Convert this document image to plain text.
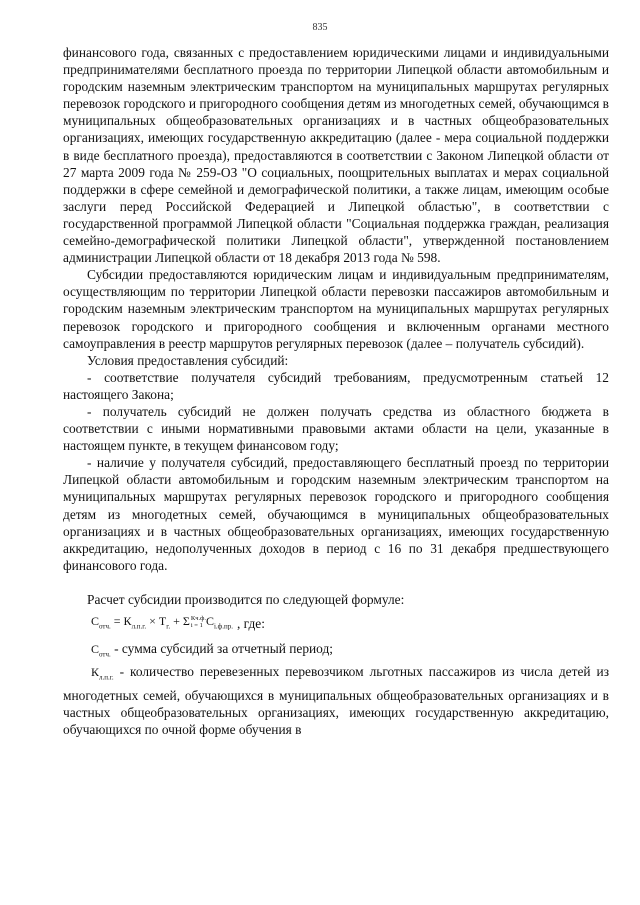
835

финансового года, связанных с предоставлением юридическими лицами и индивидуальными предпринимателями бесплатного проезда по территории Липецкой области автомобильным и городским наземным электрическим транспортом на муниципальных маршрутах регулярных перевозок городского и пригородного сообщения детям из многодетных семей, обучающимся в муниципальных общеобразовательных организациях и в частных общеобразовательных организациях, имеющих государственную аккредитацию (далее - мера социальной поддержки в виде бесплатного проезда), предоставляются в соответствии с Законом Липецкой области от 27 марта 2009 года № 259-ОЗ "О социальных, поощрительных выплатах и мерах социальной поддержки в сфере семейной и демографической политики, а также лицам, имеющим особые заслуги перед Российской Федерацией и Липецкой областью", в соответствии с государственной программой Липецкой области "Социальная поддержка граждан, реализация семейно-демографической политики Липецкой области", утвержденной постановлением администрации Липецкой области от 18 декабря 2013 года № 598.

Субсидии предоставляются юридическим лицам и индивидуальным предпринимателям, осуществляющим по территории Липецкой области перевозки пассажиров автомобильным и городским наземным электрическим транспортом на муниципальных маршрутах регулярных перевозок городского и пригородного сообщения и включенным органами местного самоуправления в реестр маршрутов регулярных перевозок (далее – получатель субсидий).

Условия предоставления субсидий:

- соответствие получателя субсидий требованиям, предусмотренным статьей 12 настоящего Закона;

- получатель субсидий не должен получать средства из областного бюджета в соответствии с иными нормативными правовыми актами области на цели, указанные в настоящем пункте, в текущем финансовом году;

- наличие у получателя субсидий, предоставляющего бесплатный проезд по территории Липецкой области автомобильным и городским наземным электрическим транспортом на муниципальных маршрутах регулярных перевозок городского и пригородного сообщения детям из многодетных семей, обучающимся в муниципальных общеобразовательных организациях и в частных общеобразовательных организациях, имеющих государственную аккредитацию, недополученных доходов в период с 16 по 31 декабря предшествующего финансового года.

Расчет субсидии производится по следующей формуле:

$С_{отч.} = К_{л.п.г.} \times Т_{г.} + \Sigma Кч.ф$.
i = 1 $С_{i.ф.пр.}$ , где:

$С_{отч.}$ - сумма субсидий за отчетный период;

$К_{л.п.г.}$ - количество перевезенных перевозчиком льготных пассажиров из числа детей из многодетных семей, обучающихся в муниципальных общеобразовательных организациях и в частных общеобразовательных организациях, имеющих государственную аккредитацию, обучающихся по очной форме обучения в
